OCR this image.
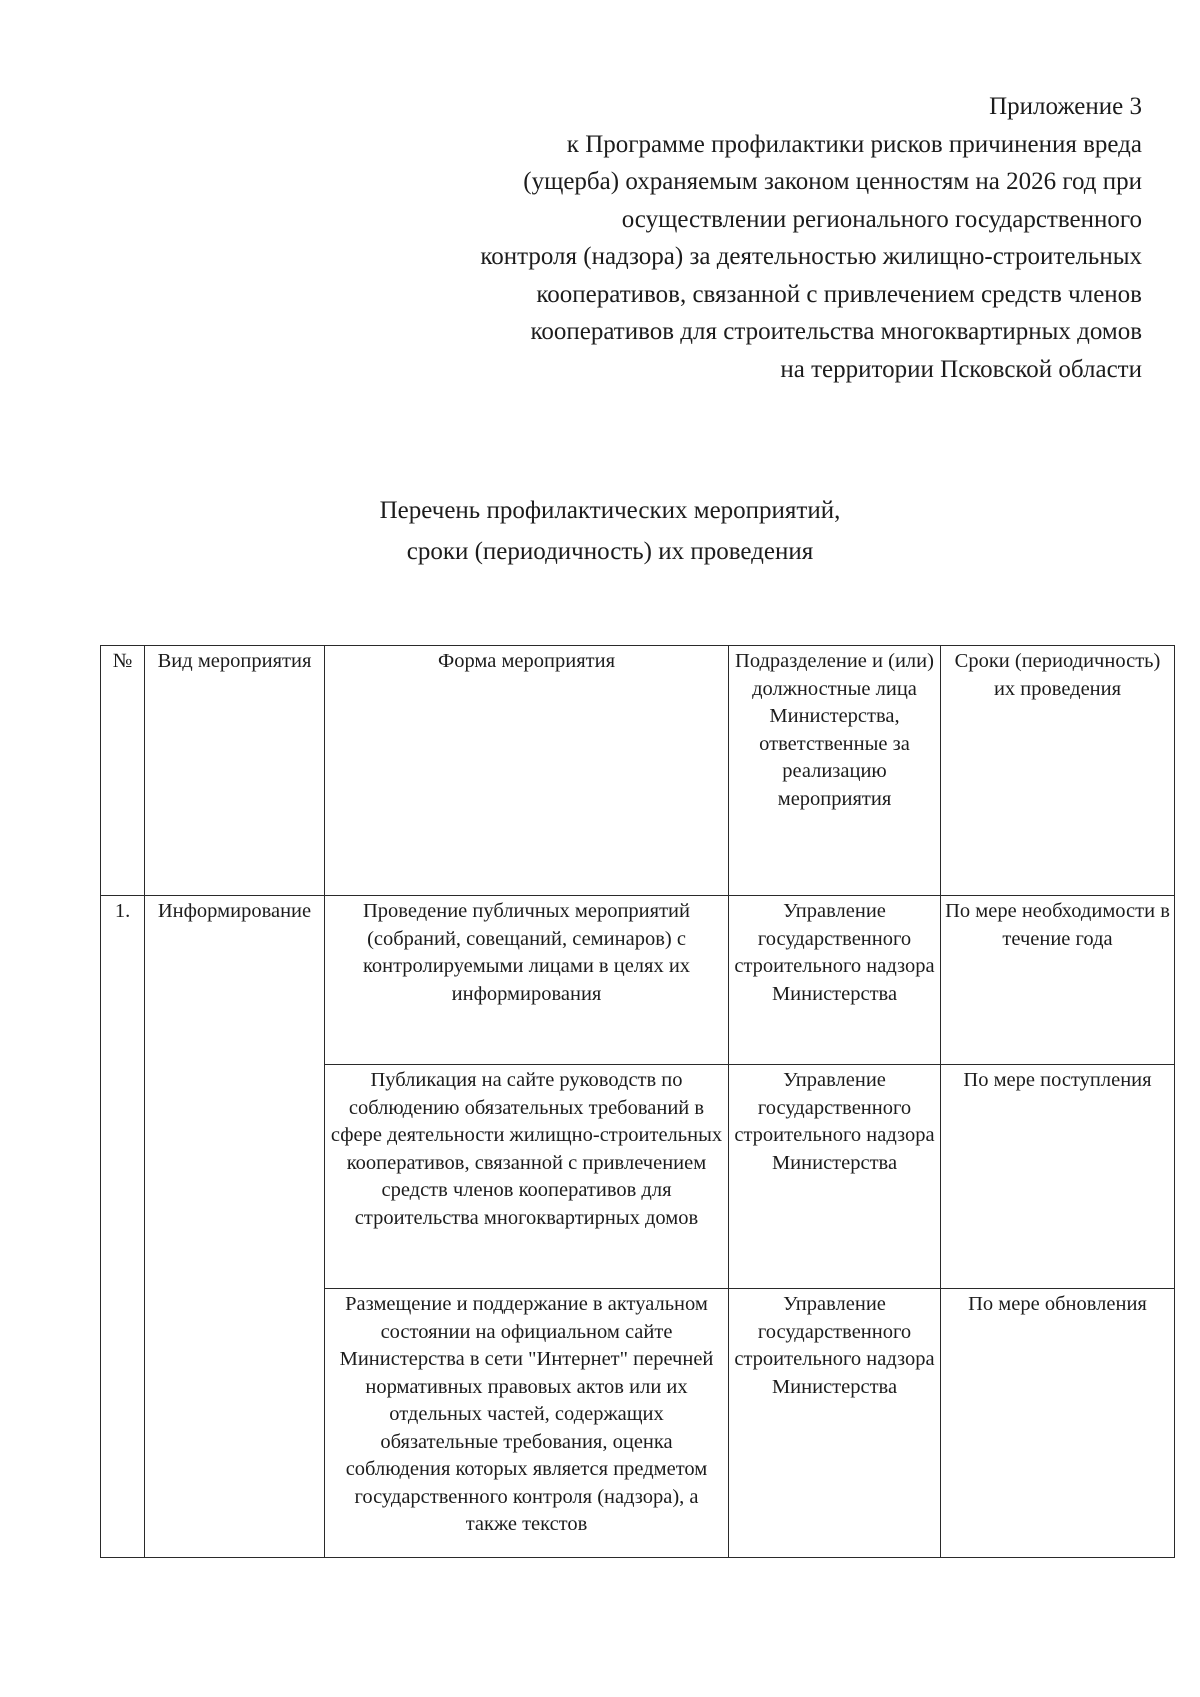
Приложение 3
к Программе профилактики рисков причинения вреда
(ущерба) охраняемым законом ценностям на 2026 год при
осуществлении регионального государственного
контроля (надзора) за деятельностью жилищно-строительных
кооперативов, связанной с привлечением средств членов
кооперативов для строительства многоквартирных домов
на территории Псковской области
Перечень профилактических мероприятий,
сроки (периодичность) их проведения
№	Вид мероприятия	Форма мероприятия	Подразделение и (или) должностные лица Министерства, ответственные за реализацию мероприятия	Сроки (периодичность) их проведения
1.	Информирование	Проведение публичных мероприятий (собраний, совещаний, семинаров) с контролируемыми лицами в целях их информирования	Управление государственного строительного надзора Министерства	По мере необходимости в течение года
		Публикация на сайте руководств по соблюдению обязательных требований в сфере деятельности жилищно-строительных кооперативов, связанной с привлечением средств членов кооперативов для строительства многоквартирных домов	Управление государственного строительного надзора Министерства	По мере поступления

		Размещение и поддержание в актуальном состоянии на официальном сайте Министерства в сети "Интернет" перечней нормативных правовых актов или их отдельных частей, содержащих обязательные требования, оценка соблюдения которых является предметом государственного контроля (надзора), а также текстов	Управление государственного строительного надзора Министерства	По мере обновления
